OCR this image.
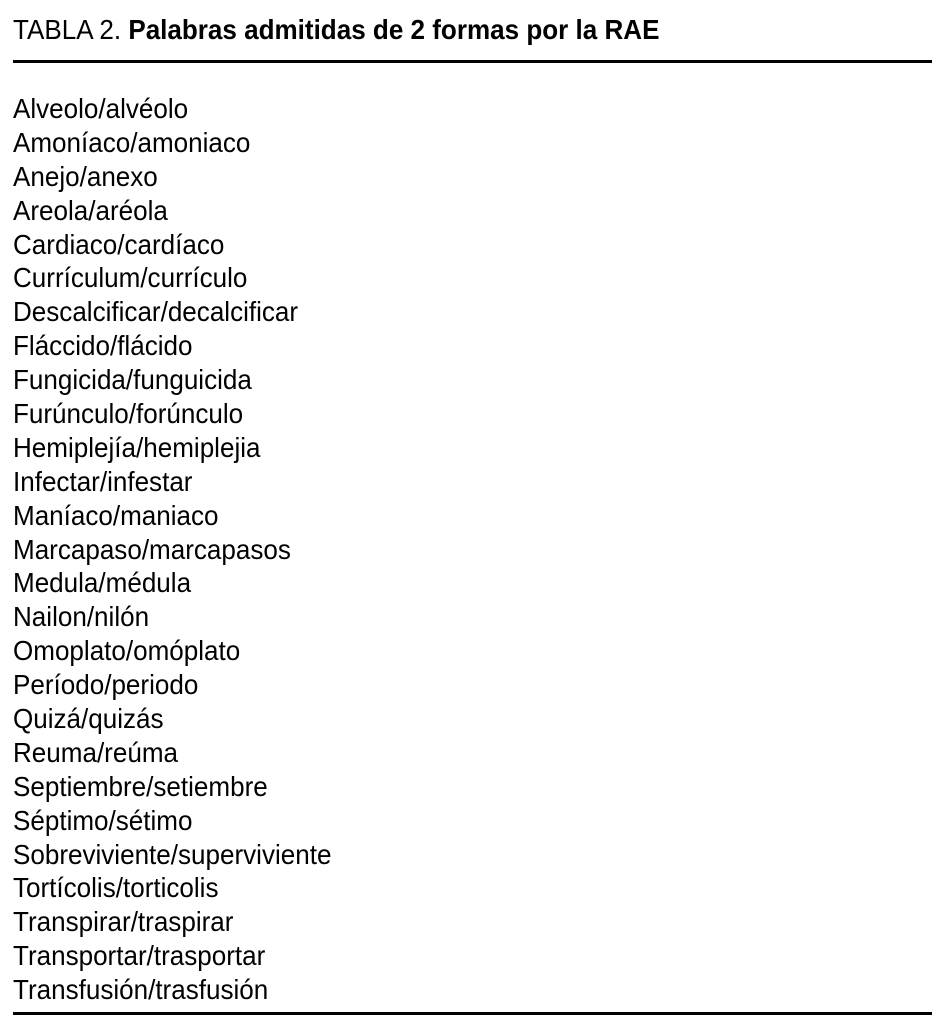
TABLA 2. Palabras admitidas de 2 formas por la RAE
Alveolo/alvéolo
Amoníaco/amoniaco
Anejo/anexo
Areola/aréola
Cardiaco/cardíaco
Currículum/currículo
Descalcificar/decalcificar
Fláccido/flácido
Fungicida/funguicida
Furúnculo/forúnculo
Hemiplejía/hemiplejia
Infectar/infestar
Maníaco/maniaco
Marcapaso/marcapasos
Medula/médula
Nailon/nilón
Omoplato/omóplato
Período/periodo
Quizá/quizás
Reuma/reúma
Septiembre/setiembre
Séptimo/sétimo
Sobreviviente/superviviente
Tortícolis/torticolis
Transpirar/traspirar
Transportar/trasportar
Transfusión/trasfusión
